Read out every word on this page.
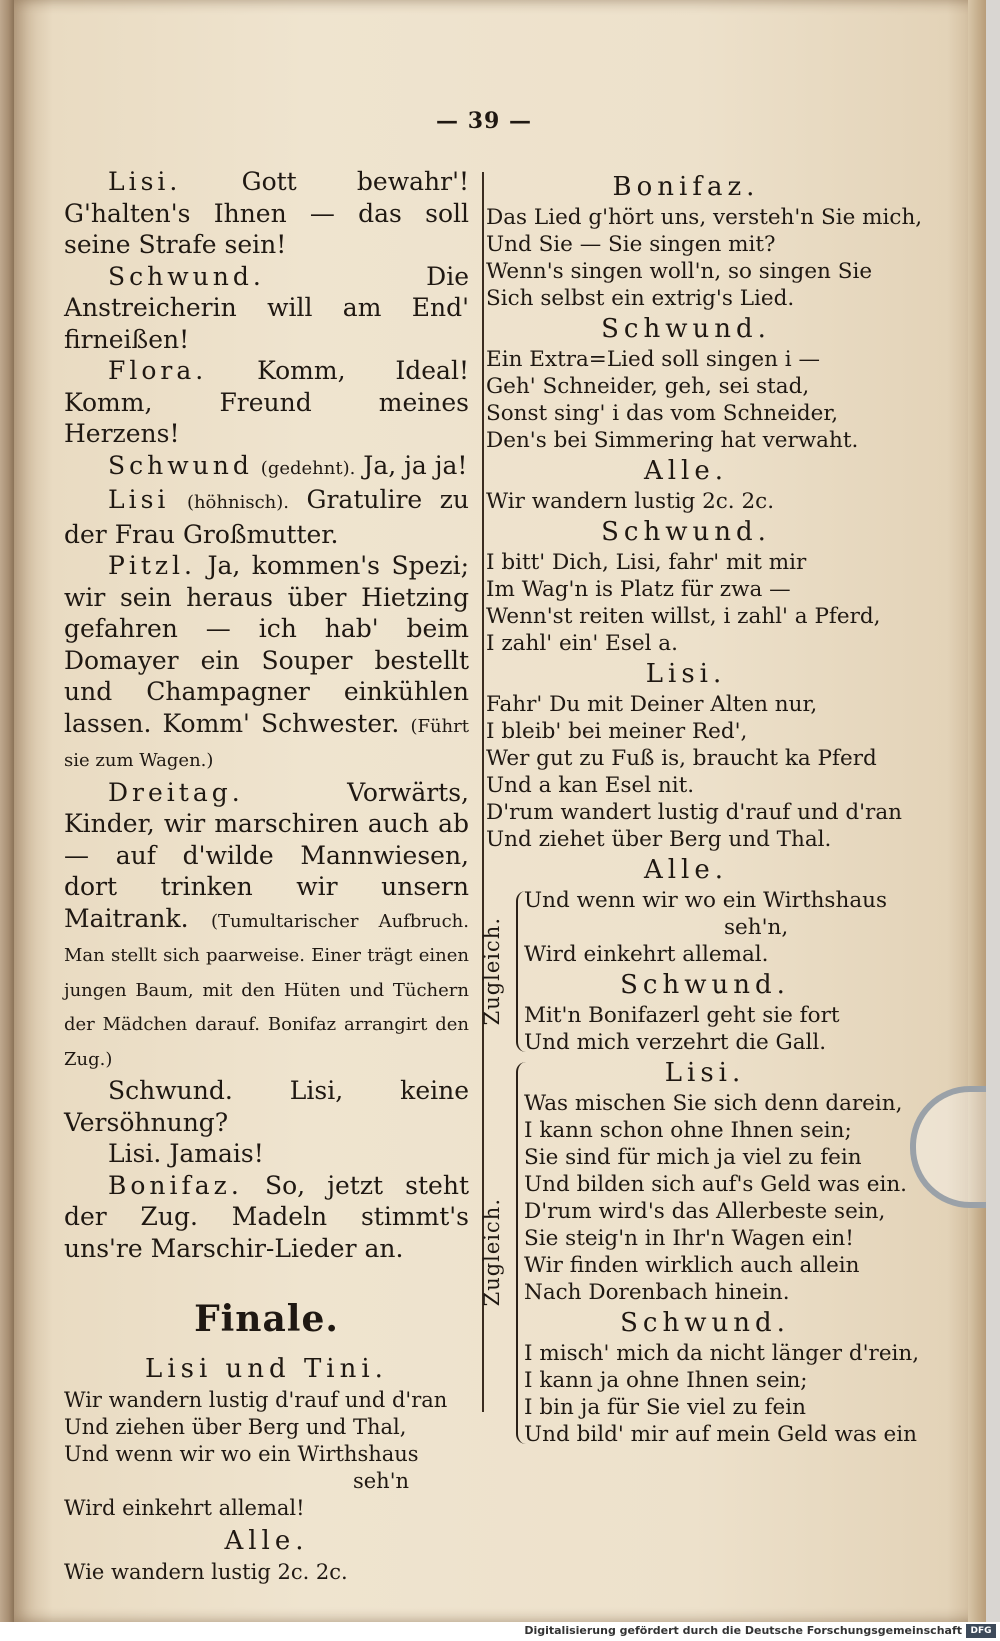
— 39 —

Lisi. Gott bewahr'! G'halten's Ihnen — das soll seine Strafe sein!

Schwund.	Die Anstreicherin will am End' firneißen!

Flora. Komm, Ideal! Komm, Freund meines Herzens!

Schwund (gedehnt). Ja, ja ja!

Lisi (höhnisch). Gratulire zu der Frau Großmutter.

Pitzl. Ja, kommen's Spezi; wir sein heraus über Hietzing gefahren — ich hab' beim Domayer ein Souper bestellt und Champagner einkühlen lassen. Komm' Schwester. (Führt sie zum Wagen.)

Dreitag.	Vorwärts, Kinder, wir marschiren auch ab — auf d'wilde Mannwiesen, dort trinken wir unsern Maitrank. (Tumultarischer Aufbruch. Man stellt sich paarweise. Einer trägt einen jungen Baum, mit den Hüten und Tüchern der Mädchen darauf. Bonifaz arrangirt den Zug.)

Schwund. Lisi, keine Versöhnung?

Lisi. Jamais!

Bonifaz. So, jetzt steht der Zug. Madeln stimmt's uns're Marschir-Lieder an.

Finale.
Lisi und Tini.

Wir wandern lustig d'rauf und d'ran

Und ziehen über Berg und Thal,

Und wenn wir wo ein Wirthshaus

seh'n

Wird einkehrt allemal!

Alle.

Wie wandern lustig 2c. 2c.

Bonifaz.

Das Lied g'hört uns, versteh'n Sie mich,

Und Sie — Sie singen mit?

Wenn's singen woll'n, so singen Sie

Sich selbst ein extrig's Lied.

Schwund.

Ein Extra=Lied soll singen i —

Geh' Schneider, geh, sei stad,

Sonst sing' i das vom Schneider,

Den's bei Simmering hat verwaht.

Alle.

Wir wandern lustig 2c. 2c.

Schwund.

I bitt' Dich, Lisi, fahr' mit mir

Im Wag'n is Platz für zwa —

Wenn'st reiten willst, i zahl' a Pferd,

I zahl' ein' Esel a.

Lisi.

Fahr' Du mit Deiner Alten nur,

I bleib' bei meiner Red',

Wer gut zu Fuß is, braucht ka Pferd

Und a kan Esel nit.

D'rum wandert lustig d'rauf und d'ran

Und ziehet über Berg und Thal.

Alle.
Zugleich.

Und wenn wir wo ein Wirthshaus

seh'n,

Wird einkehrt allemal.

Schwund.

Mit'n Bonifazerl geht sie fort

Und mich verzehrt die Gall.

Zugleich.
Lisi.

Was mischen Sie sich denn darein,

I kann schon ohne Ihnen sein;

Sie sind für mich ja viel zu fein

Und bilden sich auf's Geld was ein.

D'rum wird's das Allerbeste sein,

Sie steig'n in Ihr'n Wagen ein!

Wir finden wirklich auch allein

Nach Dorenbach hinein.

Schwund.

I misch' mich da nicht länger d'rein,

I kann ja ohne Ihnen sein;

I bin ja für Sie viel zu fein

Und bild' mir auf mein Geld was ein

Digitalisierung gefördert durch die Deutsche Forschungsgemeinschaft DFG
